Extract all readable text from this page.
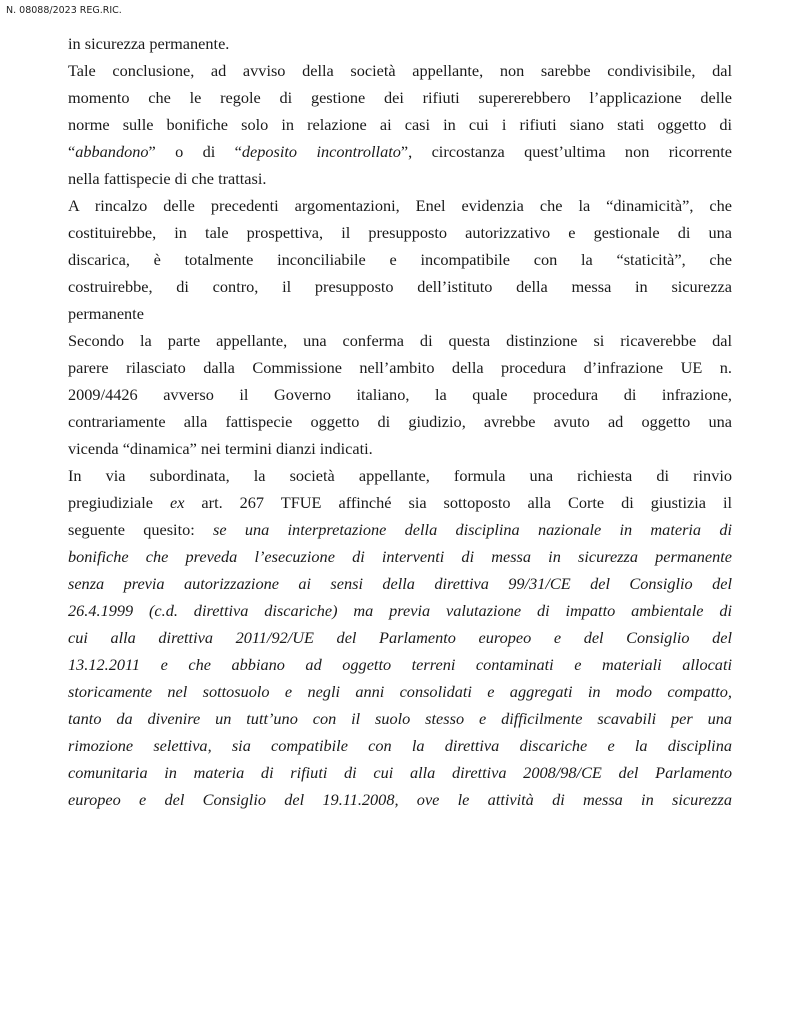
N. 08088/2023 REG.RIC.
in sicurezza permanente.
Tale conclusione, ad avviso della società appellante, non sarebbe condivisibile, dal
momento che le regole di gestione dei rifiuti supererebbero l’applicazione delle
norme sulle bonifiche solo in relazione ai casi in cui i rifiuti siano stati oggetto di
“abbandono” o di “deposito incontrollato”, circostanza quest’ultima non ricorrente
nella fattispecie di che trattasi.
A rincalzo delle precedenti argomentazioni, Enel evidenzia che la “dinamicità”, che
costituirebbe, in tale prospettiva, il presupposto autorizzativo e gestionale di una
discarica, è totalmente inconciliabile e incompatibile con la “staticità”, che
costruirebbe, di contro, il presupposto dell’istituto della messa in sicurezza
permanente
Secondo la parte appellante, una conferma di questa distinzione si ricaverebbe dal
parere rilasciato dalla Commissione nell’ambito della procedura d’infrazione UE n.
2009/4426 avverso il Governo italiano, la quale procedura di infrazione,
contrariamente alla fattispecie oggetto di giudizio, avrebbe avuto ad oggetto una
vicenda “dinamica” nei termini dianzi indicati.
In via subordinata, la società appellante, formula una richiesta di rinvio
pregiudiziale ex art. 267 TFUE affinché sia sottoposto alla Corte di giustizia il
seguente quesito: se una interpretazione della disciplina nazionale in materia di
bonifiche che preveda l’esecuzione di interventi di messa in sicurezza permanente
senza previa autorizzazione ai sensi della direttiva 99/31/CE del Consiglio del
26.4.1999 (c.d. direttiva discariche) ma previa valutazione di impatto ambientale di
cui alla direttiva 2011/92/UE del Parlamento europeo e del Consiglio del
13.12.2011 e che abbiano ad oggetto terreni contaminati e materiali allocati
storicamente nel sottosuolo e negli anni consolidati e aggregati in modo compatto,
tanto da divenire un tutt’uno con il suolo stesso e difficilmente scavabili per una
rimozione selettiva, sia compatibile con la direttiva discariche e la disciplina
comunitaria in materia di rifiuti di cui alla direttiva 2008/98/CE del Parlamento
europeo e del Consiglio del 19.11.2008, ove le attività di messa in sicurezza
